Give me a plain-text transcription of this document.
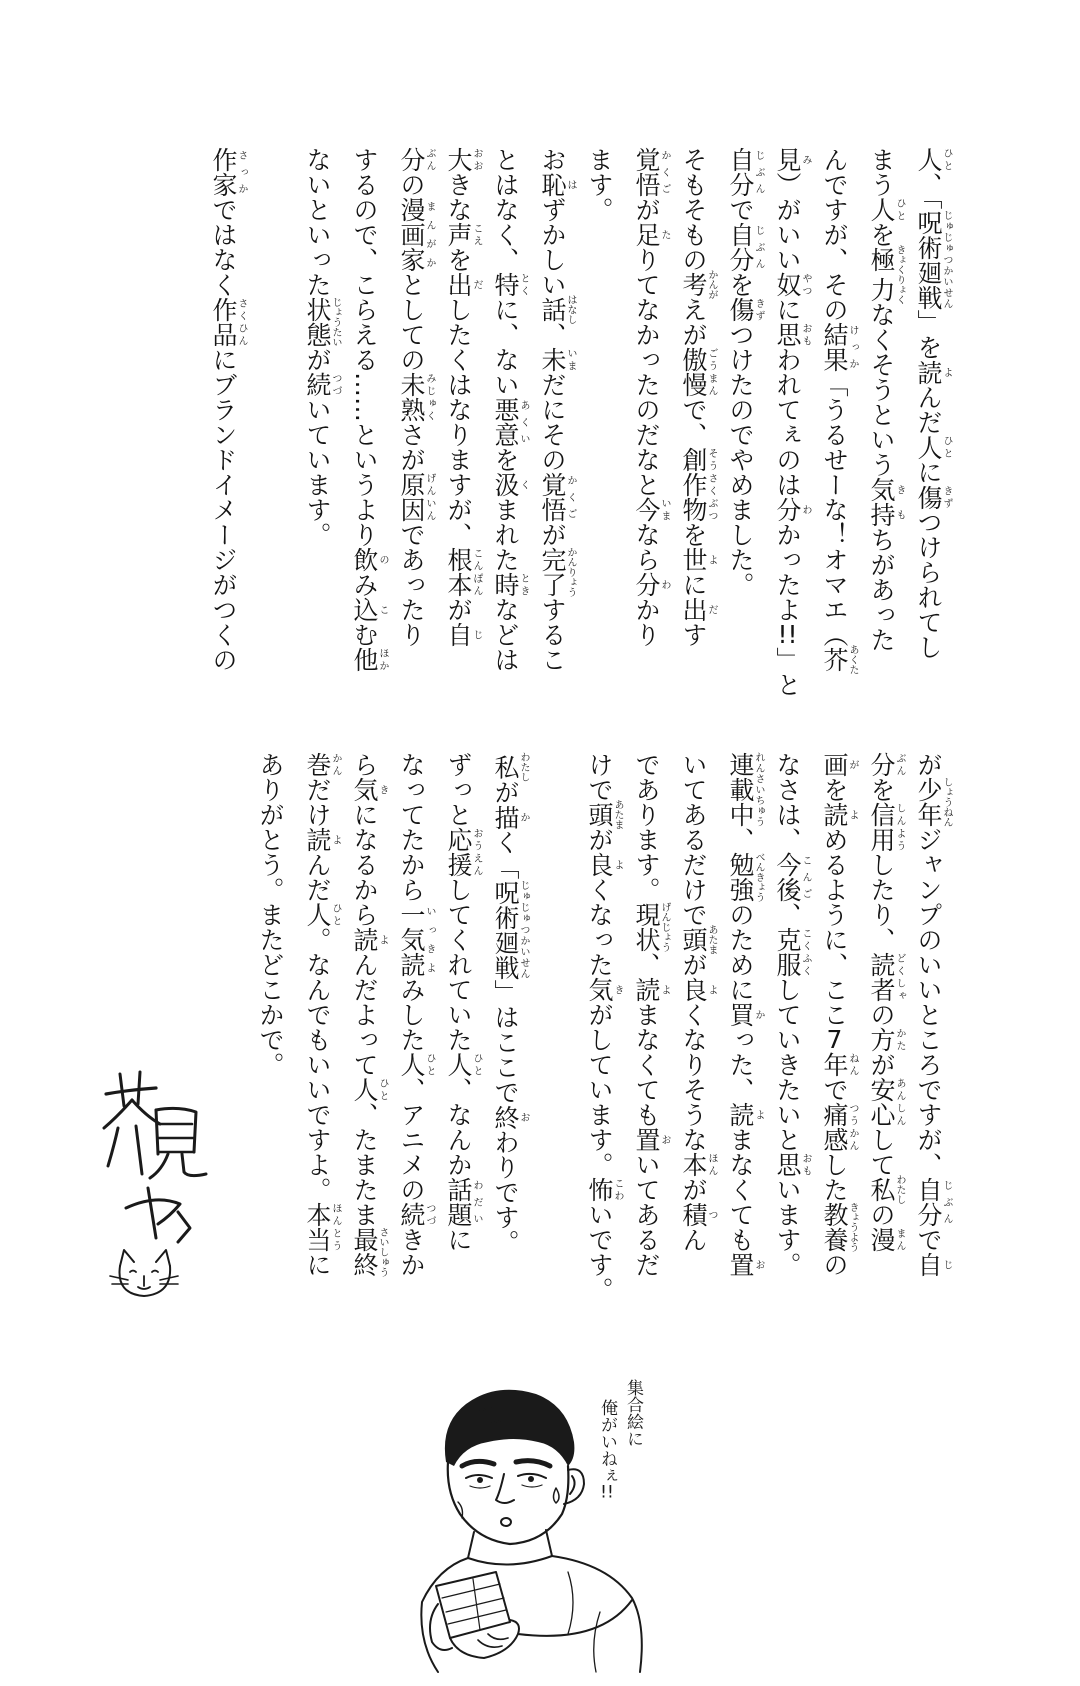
人ひと、「呪術廻戦じゅじゅつかいせん」を読よんだ人ひとに傷きずつけられてし
まう人ひとを極力きょくりょくなくそうという気持きもちがあった
んですが、その結果けっか「うるせーな！オマエ（芥あくた
見み）がいい奴やつに思おもわれてぇのは分わかったよ!!」と
自分じぶんで自分じぶんを傷きずつけたのでやめました。
そもそもの考かんがえが傲慢ごうまんで、創作物そうさくぶつを世よに出だす
覚悟かくごが足たりてなかったのだなと今いまなら分わかり
ます。
お恥はずかしい話はなし、未いまだにその覚悟かくごが完了かんりょうするこ
とはなく、特とくに、ない悪意あくいを汲くまれた時ときなどは
大おおきな声こえを出だしたくはなりますが、根本こんぽんが自じ
分ぶんの漫画家まんがかとしての未熟みじゅくさが原因げんいんであったり
するので、こらえる……というより飲のみ込こむ他ほか
ないといった状態じょうたいが続つづいています。
作家さっかではなく作品さくひんにブランドイメージがつくの
が少年しょうねんジャンプのいいところですが、自分じぶんで自じ
分ぶんを信用しんようしたり、読者どくしゃの方かたが安心あんしんして私わたしの漫まん
画がを読よめるように、ここ7年ねんで痛感つうかんした教養きょうようの
なさは、今後こんご、克服こくふくしていきたいと思おもいます。
連載中れんさいちゅう、勉強べんきょうのために買かった、読よまなくても置お
いてあるだけで頭あたまが良よくなりそうな本ほんが積つん
であります。現状げんじょう、読よまなくても置おいてあるだ
けで頭あたまが良よくなった気きがしています。怖こわいです。
私わたしが描かく「呪術廻戦じゅじゅつかいせん」はここで終おわりです。
ずっと応援おうえんしてくれていた人ひと、なんか話題わだいに
なってたから一気読いっきよみした人ひと、アニメの続つづきか
ら気きになるから読よんだよって人ひと、たまたま最終さいしゅう
巻かんだけ読よんだ人ひと。なんでもいいですよ。本当ほんとうに
ありがとう。またどこかで。
集合絵に
俺がいねぇ!!
